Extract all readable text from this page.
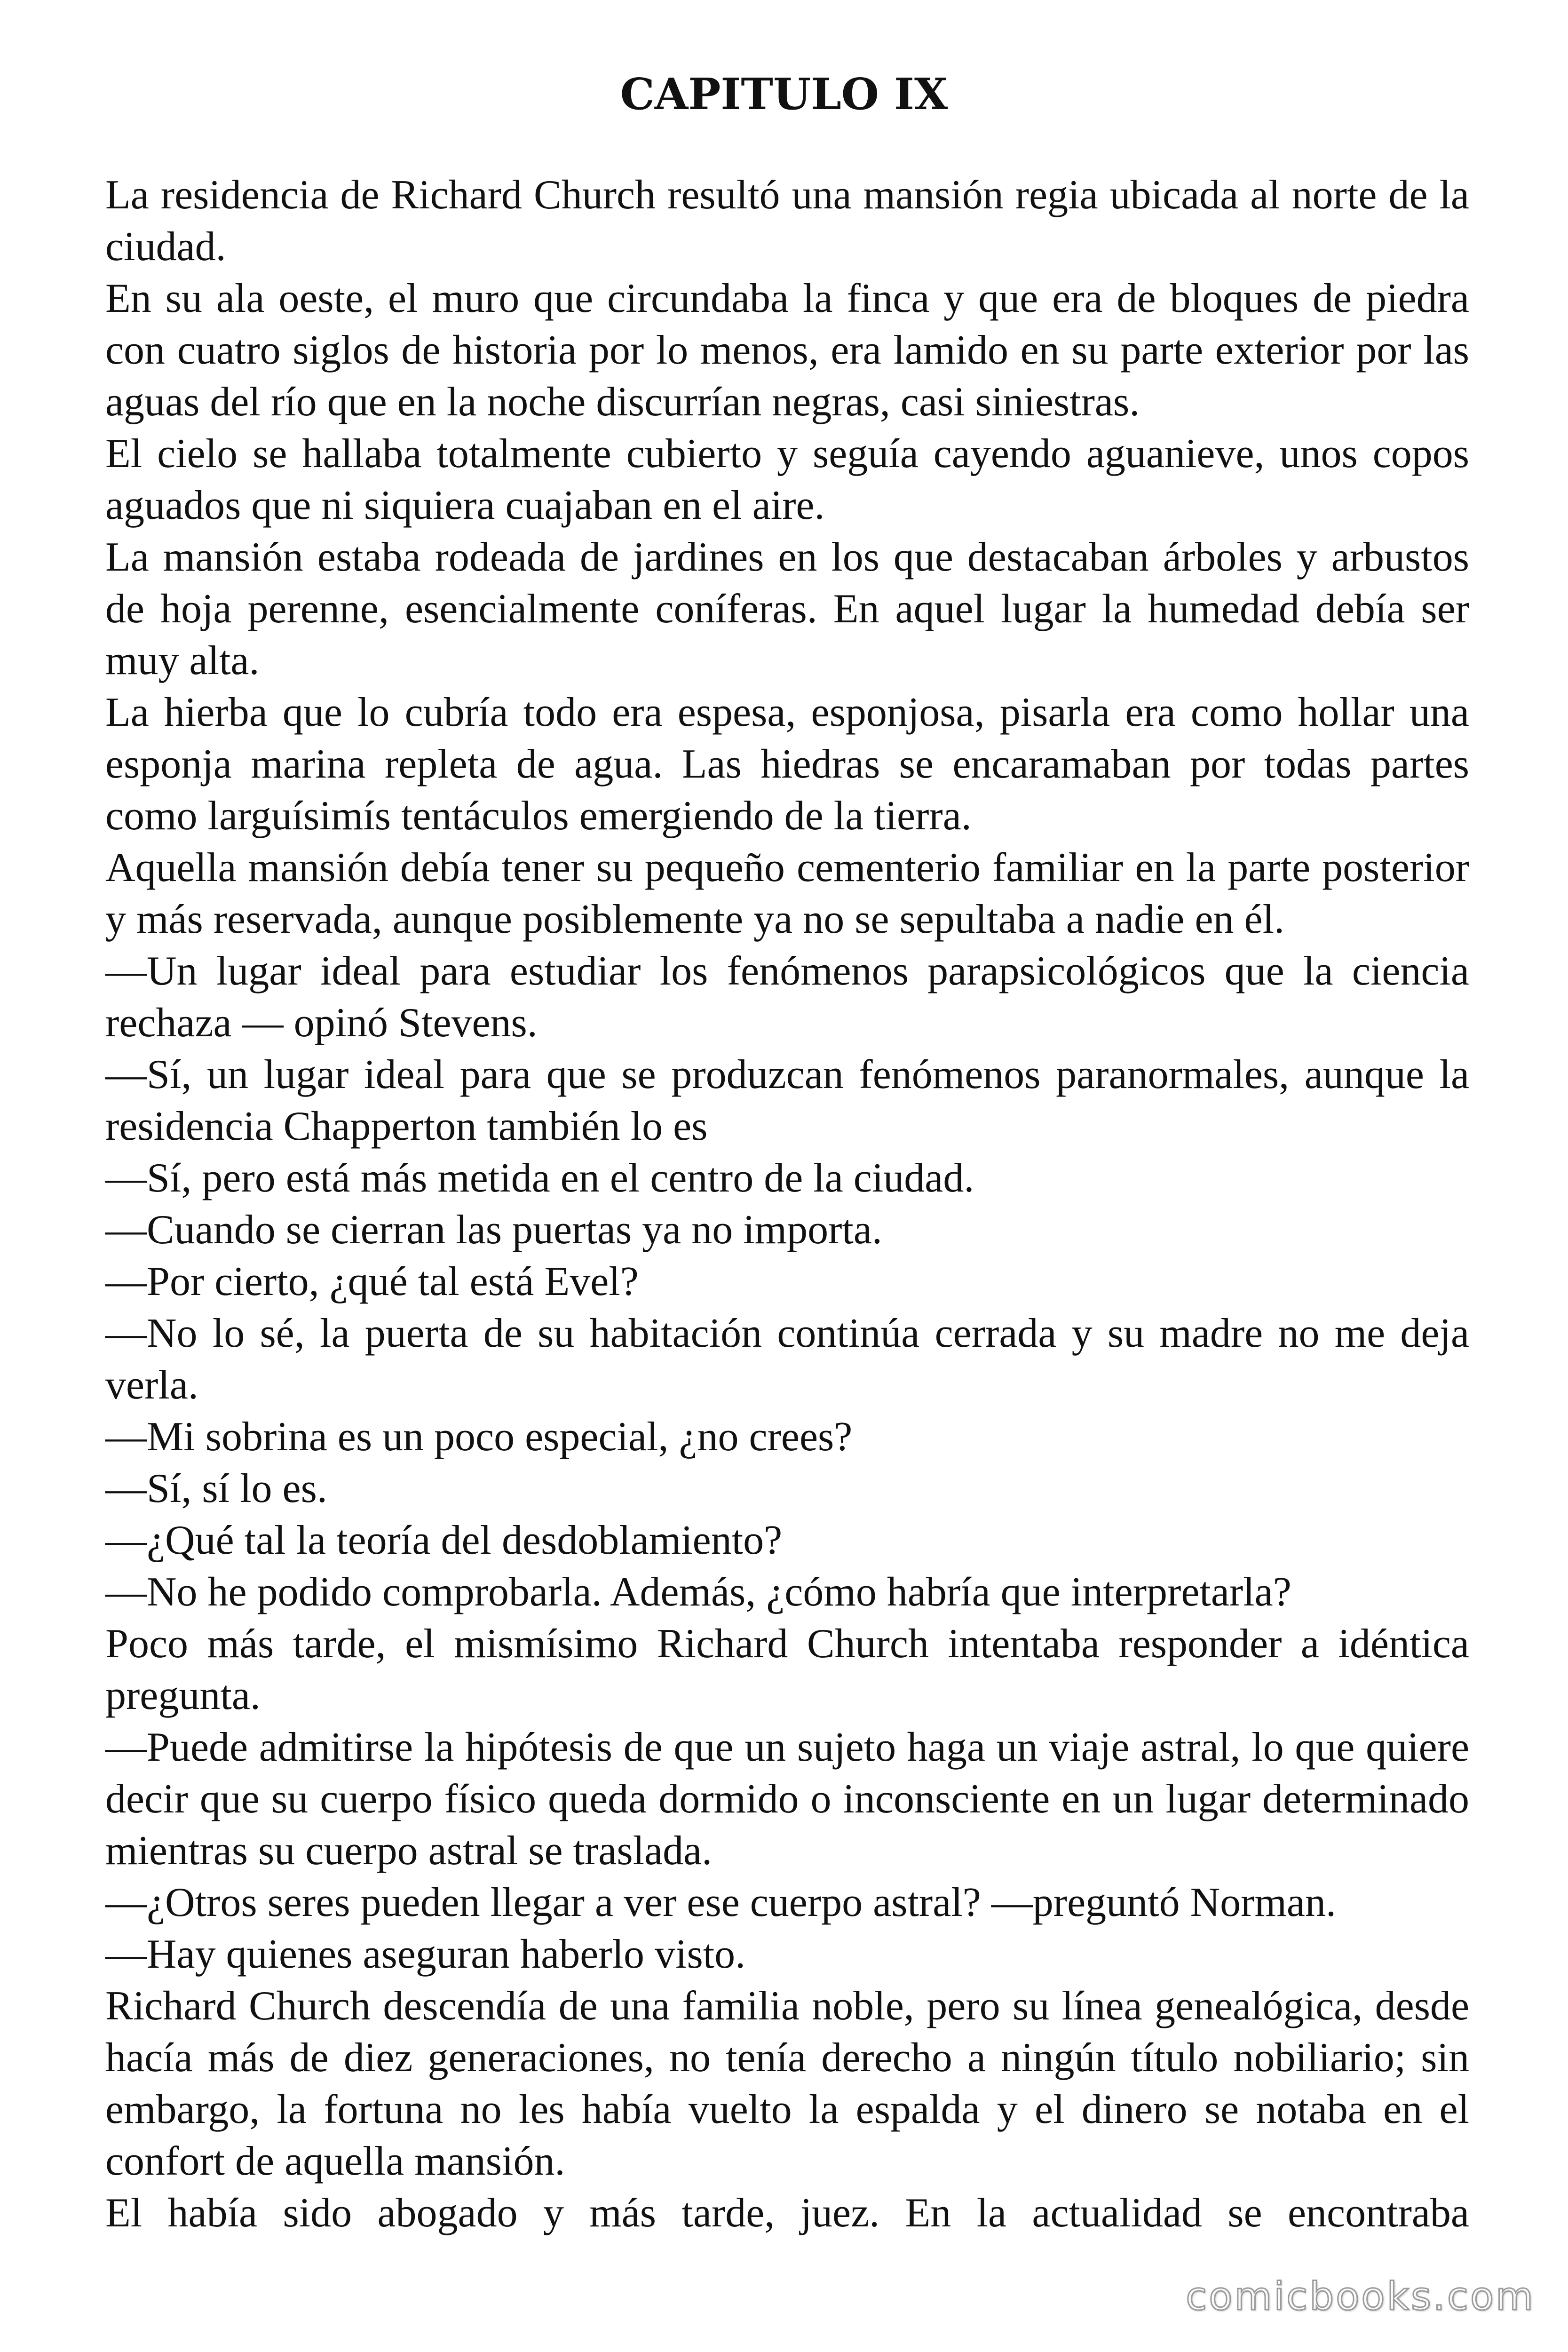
CAPITULO IX

La residencia de Richard Church resultó una mansión regia ubicada al norte de la ciudad.

En su ala oeste, el muro que circundaba la finca y que era de bloques de piedra con cuatro siglos de historia por lo menos, era lamido en su parte exterior por las aguas del río que en la noche discurrían negras, casi siniestras.

El cielo se hallaba totalmente cubierto y seguía cayendo aguanieve, unos copos aguados que ni siquiera cuajaban en el aire.

La mansión estaba rodeada de jardines en los que destacaban árboles y arbustos de hoja perenne, esencialmente coníferas. En aquel lugar la humedad debía ser muy alta.

La hierba que lo cubría todo era espesa, esponjosa, pisarla era como hollar una esponja marina repleta de agua. Las hiedras se encaramaban por todas partes como larguísimís tentáculos emergiendo de la tierra.

Aquella mansión debía tener su pequeño cementerio familiar en la parte posterior y más reservada, aunque posiblemente ya no se sepultaba a nadie en él.

—Un lugar ideal para estudiar los fenómenos parapsicológicos que la ciencia rechaza — opinó Stevens.

—Sí, un lugar ideal para que se produzcan fenómenos paranormales, aunque la residencia Chapperton también lo es

—Sí, pero está más metida en el centro de la ciudad.

—Cuando se cierran las puertas ya no importa.

—Por cierto, ¿qué tal está Evel?

—No lo sé, la puerta de su habitación continúa cerrada y su madre no me deja verla.

—Mi sobrina es un poco especial, ¿no crees?

—Sí, sí lo es.

—¿Qué tal la teoría del desdoblamiento?

—No he podido comprobarla. Además, ¿cómo habría que interpretarla?

Poco más tarde, el mismísimo Richard Church intentaba responder a idéntica pregunta.

—Puede admitirse la hipótesis de que un sujeto haga un viaje astral, lo que quiere decir que su cuerpo físico queda dormido o inconsciente en un lugar determinado mientras su cuerpo astral se traslada.

—¿Otros seres pueden llegar a ver ese cuerpo astral? —preguntó Norman.

—Hay quienes aseguran haberlo visto.

Richard Church descendía de una familia noble, pero su línea genealógica, desde hacía más de diez generaciones, no tenía derecho a ningún título nobiliario; sin embargo, la fortuna no les había vuelto la espalda y el dinero se notaba en el confort de aquella mansión.

El había sido abogado y más tarde, juez. En la actualidad se encontraba

comicbooks.com
